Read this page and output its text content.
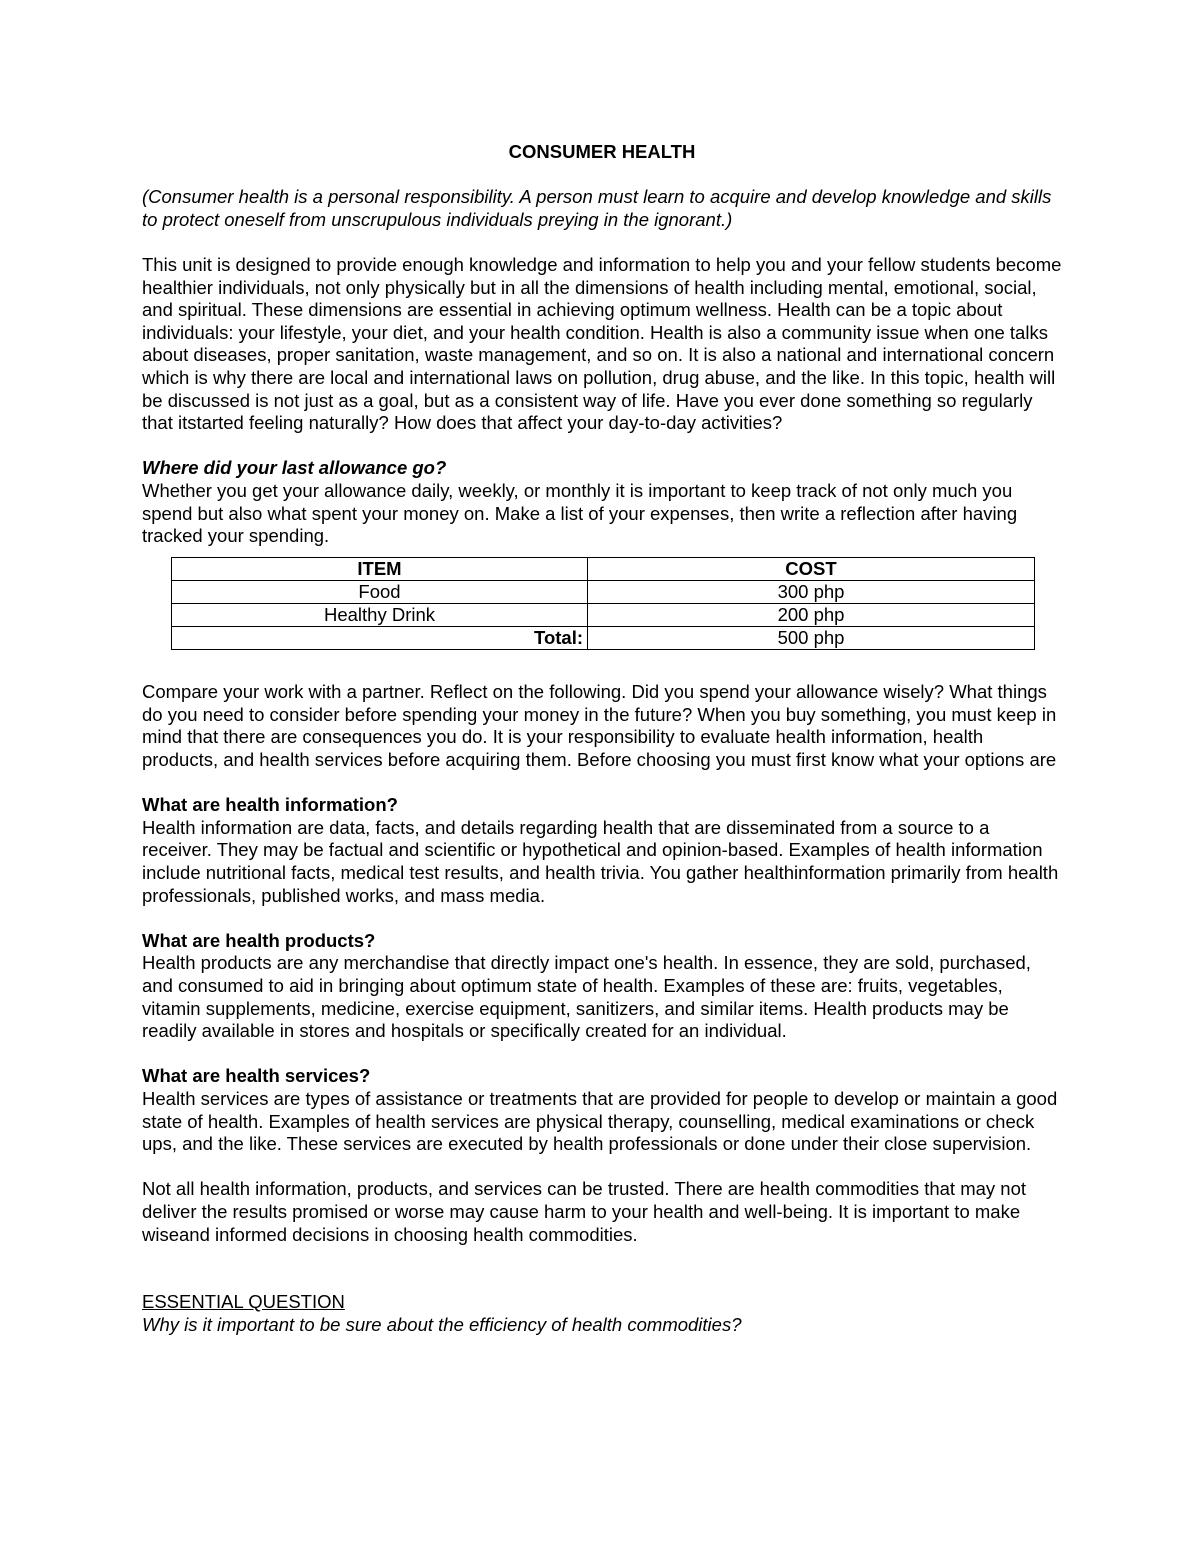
CONSUMER HEALTH

(Consumer health is a personal responsibility. A person must learn to acquire and develop knowledge and skills to protect oneself from unscrupulous individuals preying in the ignorant.)

This unit is designed to provide enough knowledge and information to help you and your fellow students become healthier individuals, not only physically but in all the dimensions of health including mental, emotional, social, and spiritual. These dimensions are essential in achieving optimum wellness. Health can be a topic about individuals: your lifestyle, your diet, and your health condition. Health is also a community issue when one talks about diseases, proper sanitation, waste management, and so on. It is also a national and international concern which is why there are local and international laws on pollution, drug abuse, and the like. In this topic, health will be discussed is not just as a goal, but as a consistent way of life. Have you ever done something so regularly that itstarted feeling naturally? How does that affect your day-to-day activities?

Where did your last allowance go?

Whether you get your allowance daily, weekly, or monthly it is important to keep track of not only much you spend but also what spent your money on. Make a list of your expenses, then write a reflection after having tracked your spending.

ITEM	COST
Food	300 php
Healthy Drink	200 php
Total:	500 php

Compare your work with a partner. Reflect on the following. Did you spend your allowance wisely? What things do you need to consider before spending your money in the future? When you buy something, you must keep in mind that there are consequences you do. It is your responsibility to evaluate health information, health products, and health services before acquiring them. Before choosing you must first know what your options are

What are health information?

Health information are data, facts, and details regarding health that are disseminated from a source to a receiver. They may be factual and scientific or hypothetical and opinion-based. Examples of health information include nutritional facts, medical test results, and health trivia. You gather healthinformation primarily from health professionals, published works, and mass media.

What are health products?

Health products are any merchandise that directly impact one's health. In essence, they are sold, purchased, and consumed to aid in bringing about optimum state of health. Examples of these are: fruits, vegetables, vitamin supplements, medicine, exercise equipment, sanitizers, and similar items. Health products may be readily available in stores and hospitals or specifically created for an individual.

What are health services?

Health services are types of assistance or treatments that are provided for people to develop or maintain a good state of health. Examples of health services are physical therapy, counselling, medical examinations or check ups, and the like. These services are executed by health professionals or done under their close supervision.

Not all health information, products, and services can be trusted. There are health commodities that may not deliver the results promised or worse may cause harm to your health and well-being. It is important to make wiseand informed decisions in choosing health commodities.

ESSENTIAL QUESTION

Why is it important to be sure about the efficiency of health commodities?
